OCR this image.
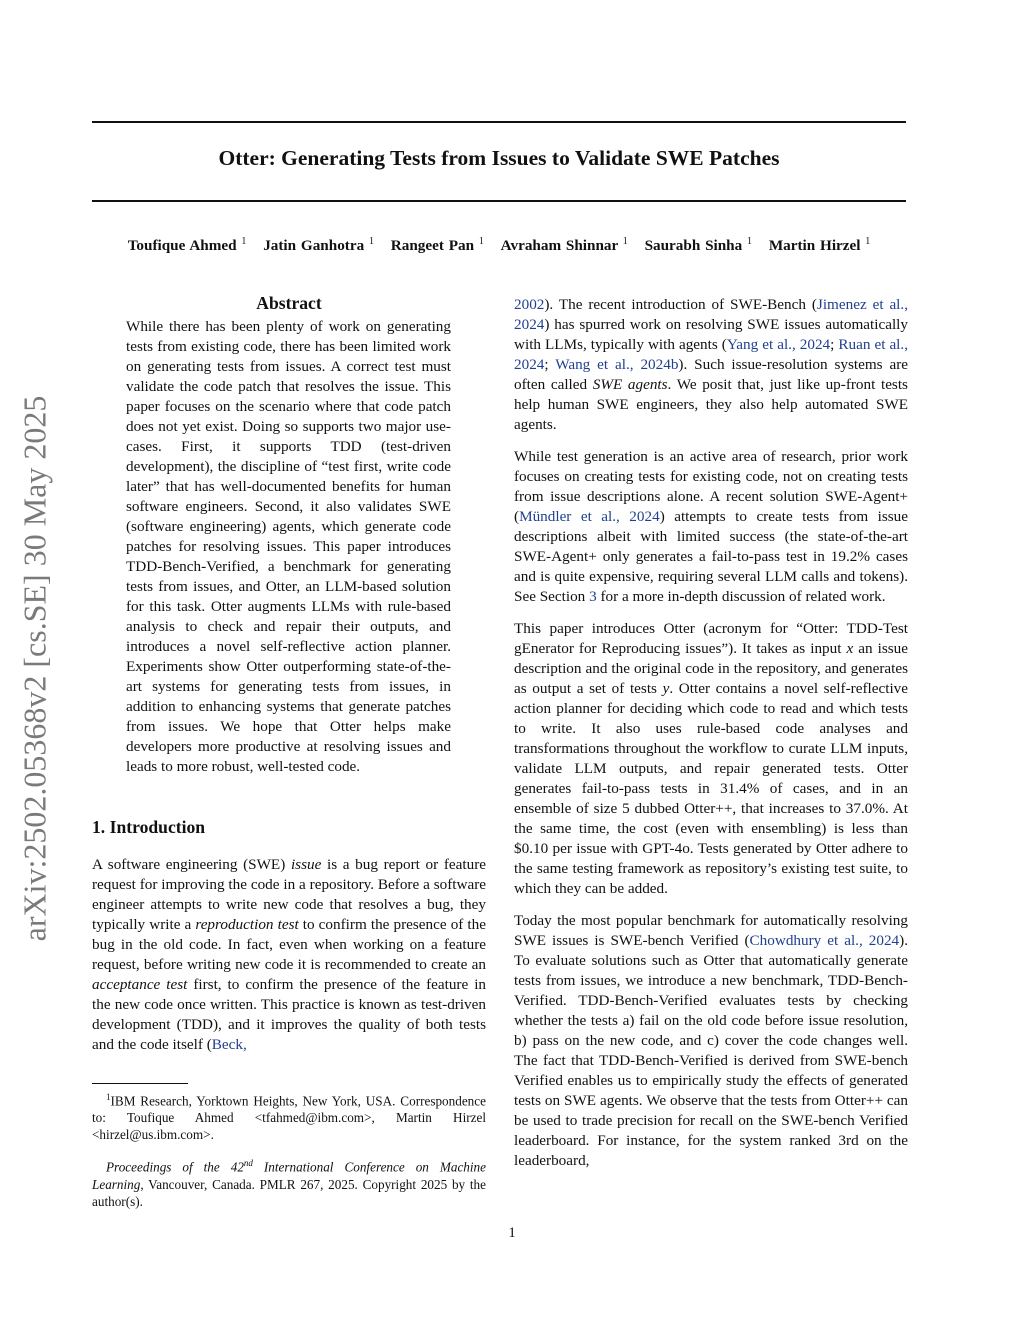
Otter: Generating Tests from Issues to Validate SWE Patches
Toufique Ahmed $^1$ Jatin Ganhotra $^1$ Rangeet Pan $^1$ Avraham Shinnar $^1$ Saurabh Sinha $^1$ Martin Hirzel $^1$
arXiv:2502.05368v2 [cs.SE] 30 May 2025
Abstract
While there has been plenty of work on generating tests from existing code, there has been limited work on generating tests from issues. A correct test must validate the code patch that resolves the issue. This paper focuses on the scenario where that code patch does not yet exist. Doing so supports two major use-cases. First, it supports TDD (test-driven development), the discipline of “test first, write code later” that has well-documented benefits for human software engineers. Second, it also validates SWE (software engineering) agents, which generate code patches for resolving issues. This paper introduces TDD-Bench-Verified, a benchmark for generating tests from issues, and Otter, an LLM-based solution for this task. Otter augments LLMs with rule-based analysis to check and repair their outputs, and introduces a novel self-reflective action planner. Experiments show Otter outperforming state-of-the-art systems for generating tests from issues, in addition to enhancing systems that generate patches from issues. We hope that Otter helps make developers more productive at resolving issues and leads to more robust, well-tested code.
1. Introduction

A software engineering (SWE) issue is a bug report or feature request for improving the code in a repository. Before a software engineer attempts to write new code that resolves a bug, they typically write a reproduction test to confirm the presence of the bug in the old code. In fact, even when working on a feature request, before writing new code it is recommended to create an acceptance test first, to confirm the presence of the feature in the new code once written. This practice is known as test-driven development (TDD), and it improves the quality of both tests and the code itself (Beck,

$^1$IBM Research, Yorktown Heights, New York, USA. Correspondence to: Toufique Ahmed <tfahmed@ibm.com>, Martin Hirzel <hirzel@us.ibm.com>.

Proceedings of the 42nd International Conference on Machine Learning, Vancouver, Canada. PMLR 267, 2025. Copyright 2025 by the author(s).

2002). The recent introduction of SWE-Bench (Jimenez et al., 2024) has spurred work on resolving SWE issues automatically with LLMs, typically with agents (Yang et al., 2024; Ruan et al., 2024; Wang et al., 2024b). Such issue-resolution systems are often called SWE agents. We posit that, just like up-front tests help human SWE engineers, they also help automated SWE agents.

While test generation is an active area of research, prior work focuses on creating tests for existing code, not on creating tests from issue descriptions alone. A recent solution SWE-Agent+ (Mündler et al., 2024) attempts to create tests from issue descriptions albeit with limited success (the state-of-the-art SWE-Agent+ only generates a fail-to-pass test in 19.2% cases and is quite expensive, requiring several LLM calls and tokens). See Section 3 for a more in-depth discussion of related work.

This paper introduces Otter (acronym for “Otter: TDD-Test gEnerator for Reproducing issues”). It takes as input x an issue description and the original code in the repository, and generates as output a set of tests y. Otter contains a novel self-reflective action planner for deciding which code to read and which tests to write. It also uses rule-based code analyses and transformations throughout the workflow to curate LLM inputs, validate LLM outputs, and repair generated tests. Otter generates fail-to-pass tests in 31.4% of cases, and in an ensemble of size 5 dubbed Otter++, that increases to 37.0%. At the same time, the cost (even with ensembling) is less than $0.10 per issue with GPT-4o. Tests generated by Otter adhere to the same testing framework as repository’s existing test suite, to which they can be added.

Today the most popular benchmark for automatically resolving SWE issues is SWE-bench Verified (Chowdhury et al., 2024). To evaluate solutions such as Otter that automatically generate tests from issues, we introduce a new benchmark, TDD-Bench-Verified. TDD-Bench-Verified evaluates tests by checking whether the tests a) fail on the old code before issue resolution, b) pass on the new code, and c) cover the code changes well. The fact that TDD-Bench-Verified is derived from SWE-bench Verified enables us to empirically study the effects of generated tests on SWE agents. We observe that the tests from Otter++ can be used to trade precision for recall on the SWE-bench Verified leaderboard. For instance, for the system ranked 3rd on the leaderboard,

1
